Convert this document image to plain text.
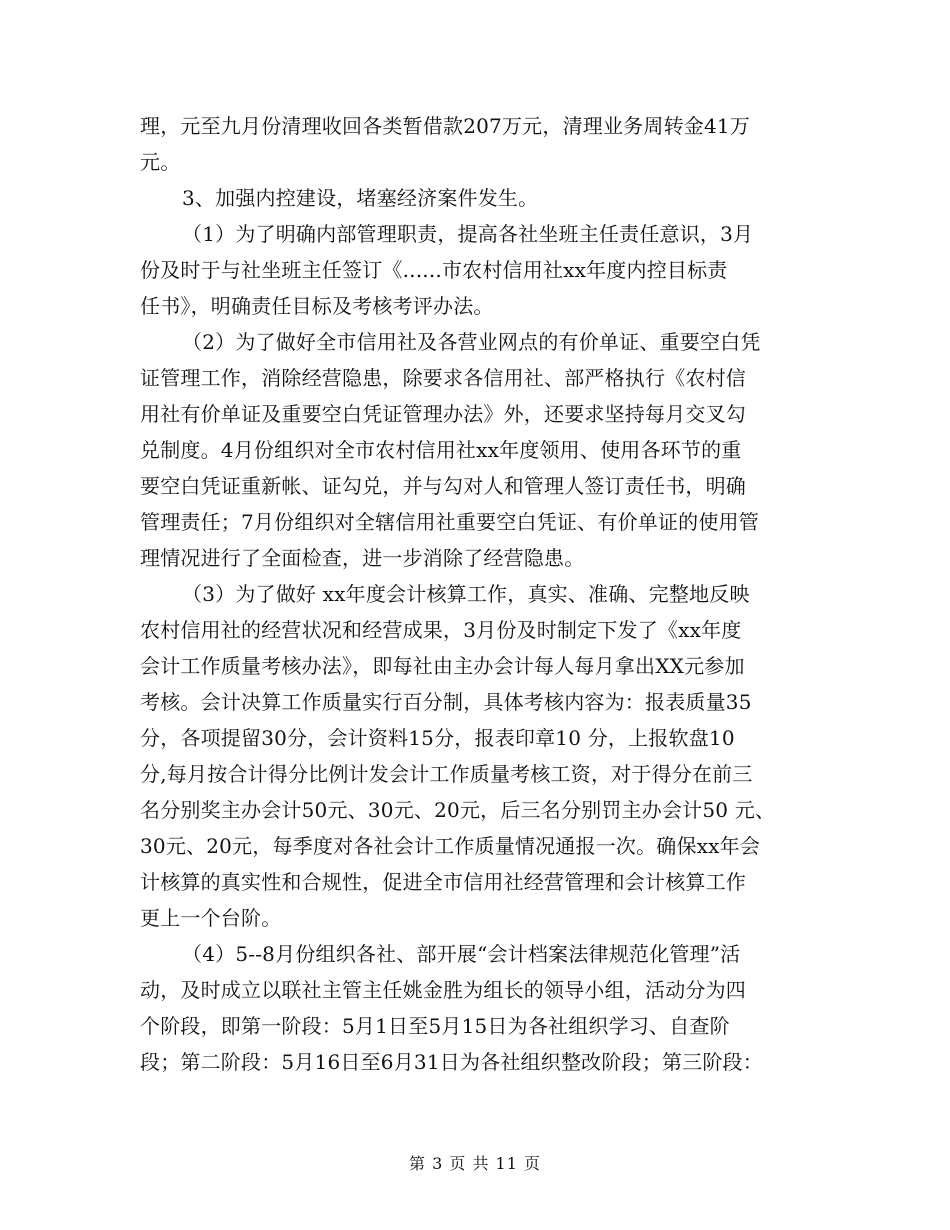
理，元至九月份清理收回各类暂借款207万元，清理业务周转金41万
元。
3、加强内控建设，堵塞经济案件发生。
（1）为了明确内部管理职责，提高各社坐班主任责任意识，3月
份及时于与社坐班主任签订《......市农村信用社xx年度内控目标责
任书》，明确责任目标及考核考评办法。
（2）为了做好全市信用社及各营业网点的有价单证、重要空白凭
证管理工作，消除经营隐患，除要求各信用社、部严格执行《农村信
用社有价单证及重要空白凭证管理办法》外，还要求坚持每月交叉勾
兑制度。4月份组织对全市农村信用社xx年度领用、使用各环节的重
要空白凭证重新帐、证勾兑，并与勾对人和管理人签订责任书，明确
管理责任；7月份组织对全辖信用社重要空白凭证、有价单证的使用管
理情况进行了全面检查，进一步消除了经营隐患。
（3）为了做好 xx年度会计核算工作，真实、准确、完整地反映
农村信用社的经营状况和经营成果，3月份及时制定下发了《xx年度
会计工作质量考核办法》，即每社由主办会计每人每月拿出XX元参加
考核。会计决算工作质量实行百分制，具体考核内容为：报表质量35
分，各项提留30分，会计资料15分，报表印章10 分，上报软盘10
分,每月按合计得分比例计发会计工作质量考核工资，对于得分在前三
名分别奖主办会计50元、30元、20元，后三名分别罚主办会计50 元、
30元、20元，每季度对各社会计工作质量情况通报一次。确保xx年会
计核算的真实性和合规性，促进全市信用社经营管理和会计核算工作
更上一个台阶。
（4）5--8月份组织各社、部开展“会计档案法律规范化管理”活
动，及时成立以联社主管主任姚金胜为组长的领导小组，活动分为四
个阶段，即第一阶段：5月1日至5月15日为各社组织学习、自查阶
段；第二阶段：5月16日至6月31日为各社组织整改阶段；第三阶段：
第 3 页 共 11 页
